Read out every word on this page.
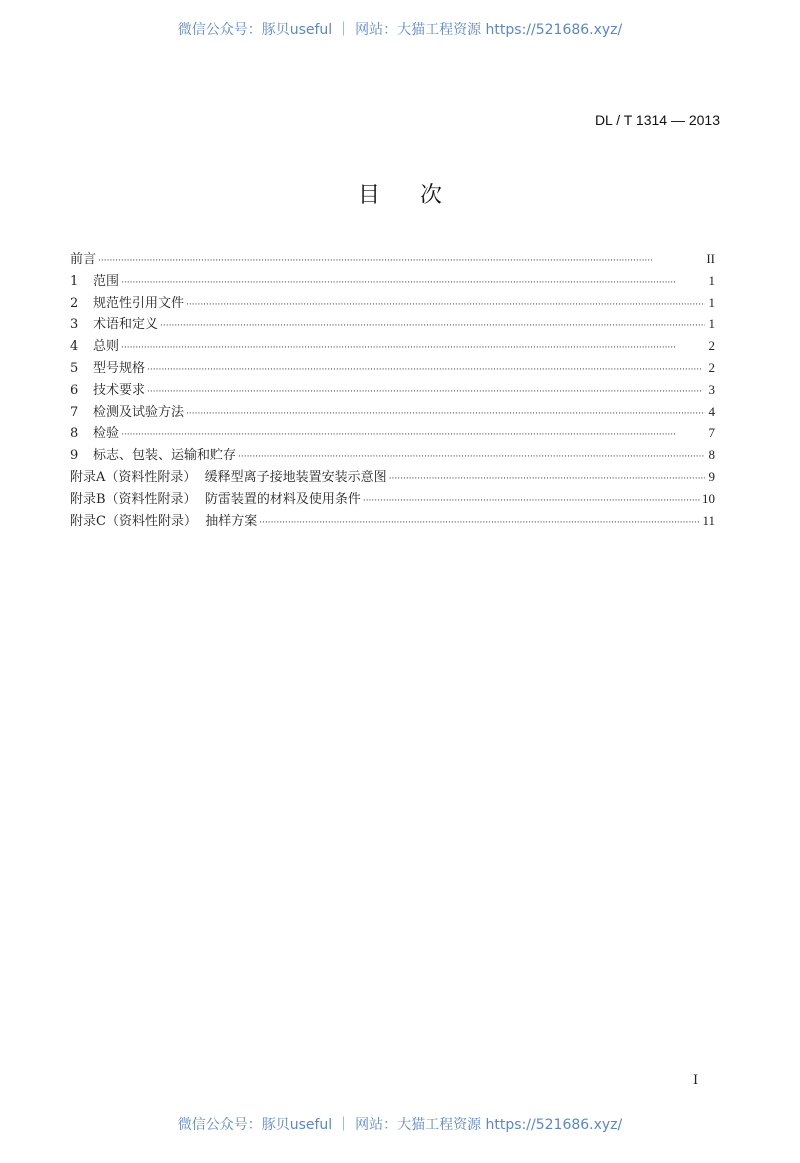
微信公众号：豚贝useful ｜ 网站：大猫工程资源 https://521686.xyz/
DL / T 1314 — 2013
目次
前言 ·····	II
1	范围 ·····	1
2	规范性引用文件 ·····	1
3	术语和定义 ·····	1
4	总则 ·····	2
5	型号规格 ·····	2
6	技术要求 ·····	3
7	检测及试验方法 ·····	4
8	检验 ·····	7
9	标志、包装、运输和贮存 ·····	8
附录A（资料性附录）  缓释型离子接地装置安装示意图 ·····	9
附录B（资料性附录）  防雷装置的材料及使用条件 ·····	10
附录C（资料性附录）  抽样方案 ·····	11
I
微信公众号：豚贝useful ｜ 网站：大猫工程资源 https://521686.xyz/
